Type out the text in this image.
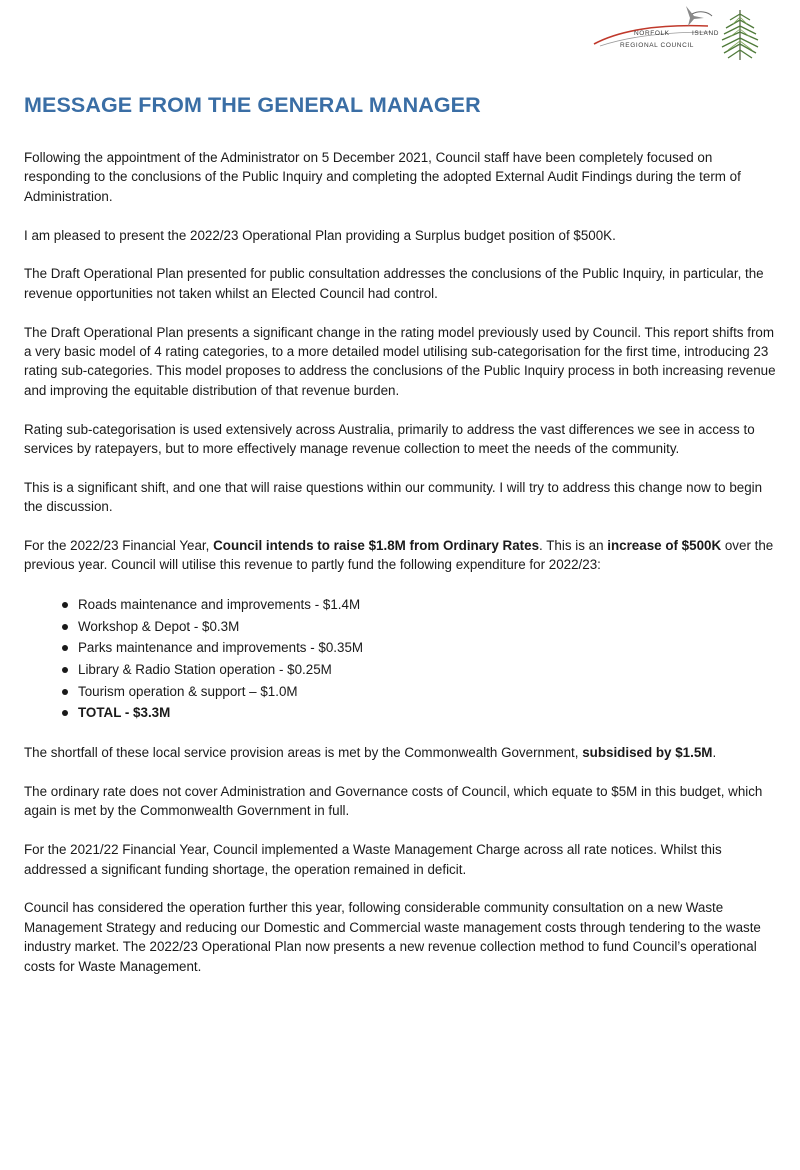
NORFOLK	ISLAND
REGIONAL COUNCIL
MESSAGE FROM THE GENERAL MANAGER

Following the appointment of the Administrator on 5 December 2021, Council staff have been completely focused on responding to the conclusions of the Public Inquiry and completing the adopted External Audit Findings during the term of Administration.

I am pleased to present the 2022/23 Operational Plan providing a Surplus budget position of $500K.

The Draft Operational Plan presented for public consultation addresses the conclusions of the Public Inquiry, in particular, the revenue opportunities not taken whilst an Elected Council had control.

The Draft Operational Plan presents a significant change in the rating model previously used by Council. This report shifts from a very basic model of 4 rating categories, to a more detailed model utilising sub-categorisation for the first time, introducing 23 rating sub-categories. This model proposes to address the conclusions of the Public Inquiry process in both increasing revenue and improving the equitable distribution of that revenue burden.

Rating sub-categorisation is used extensively across Australia, primarily to address the vast differences we see in access to services by ratepayers, but to more effectively manage revenue collection to meet the needs of the community.

This is a significant shift, and one that will raise questions within our community. I will try to address this change now to begin the discussion.

For the 2022/23 Financial Year, Council intends to raise $1.8M from Ordinary Rates. This is an increase of $500K over the previous year. Council will utilise this revenue to partly fund the following expenditure for 2022/23:

Roads maintenance and improvements - $1.4M
Workshop & Depot - $0.3M
Parks maintenance and improvements - $0.35M
Library & Radio Station operation - $0.25M
Tourism operation & support – $1.0M
TOTAL - $3.3M

The shortfall of these local service provision areas is met by the Commonwealth Government, subsidised by $1.5M.

The ordinary rate does not cover Administration and Governance costs of Council, which equate to $5M in this budget, which again is met by the Commonwealth Government in full.

For the 2021/22 Financial Year, Council implemented a Waste Management Charge across all rate notices. Whilst this addressed a significant funding shortage, the operation remained in deficit.

Council has considered the operation further this year, following considerable community consultation on a new Waste Management Strategy and reducing our Domestic and Commercial waste management costs through tendering to the waste industry market. The 2022/23 Operational Plan now presents a new revenue collection method to fund Council’s operational costs for Waste Management.
